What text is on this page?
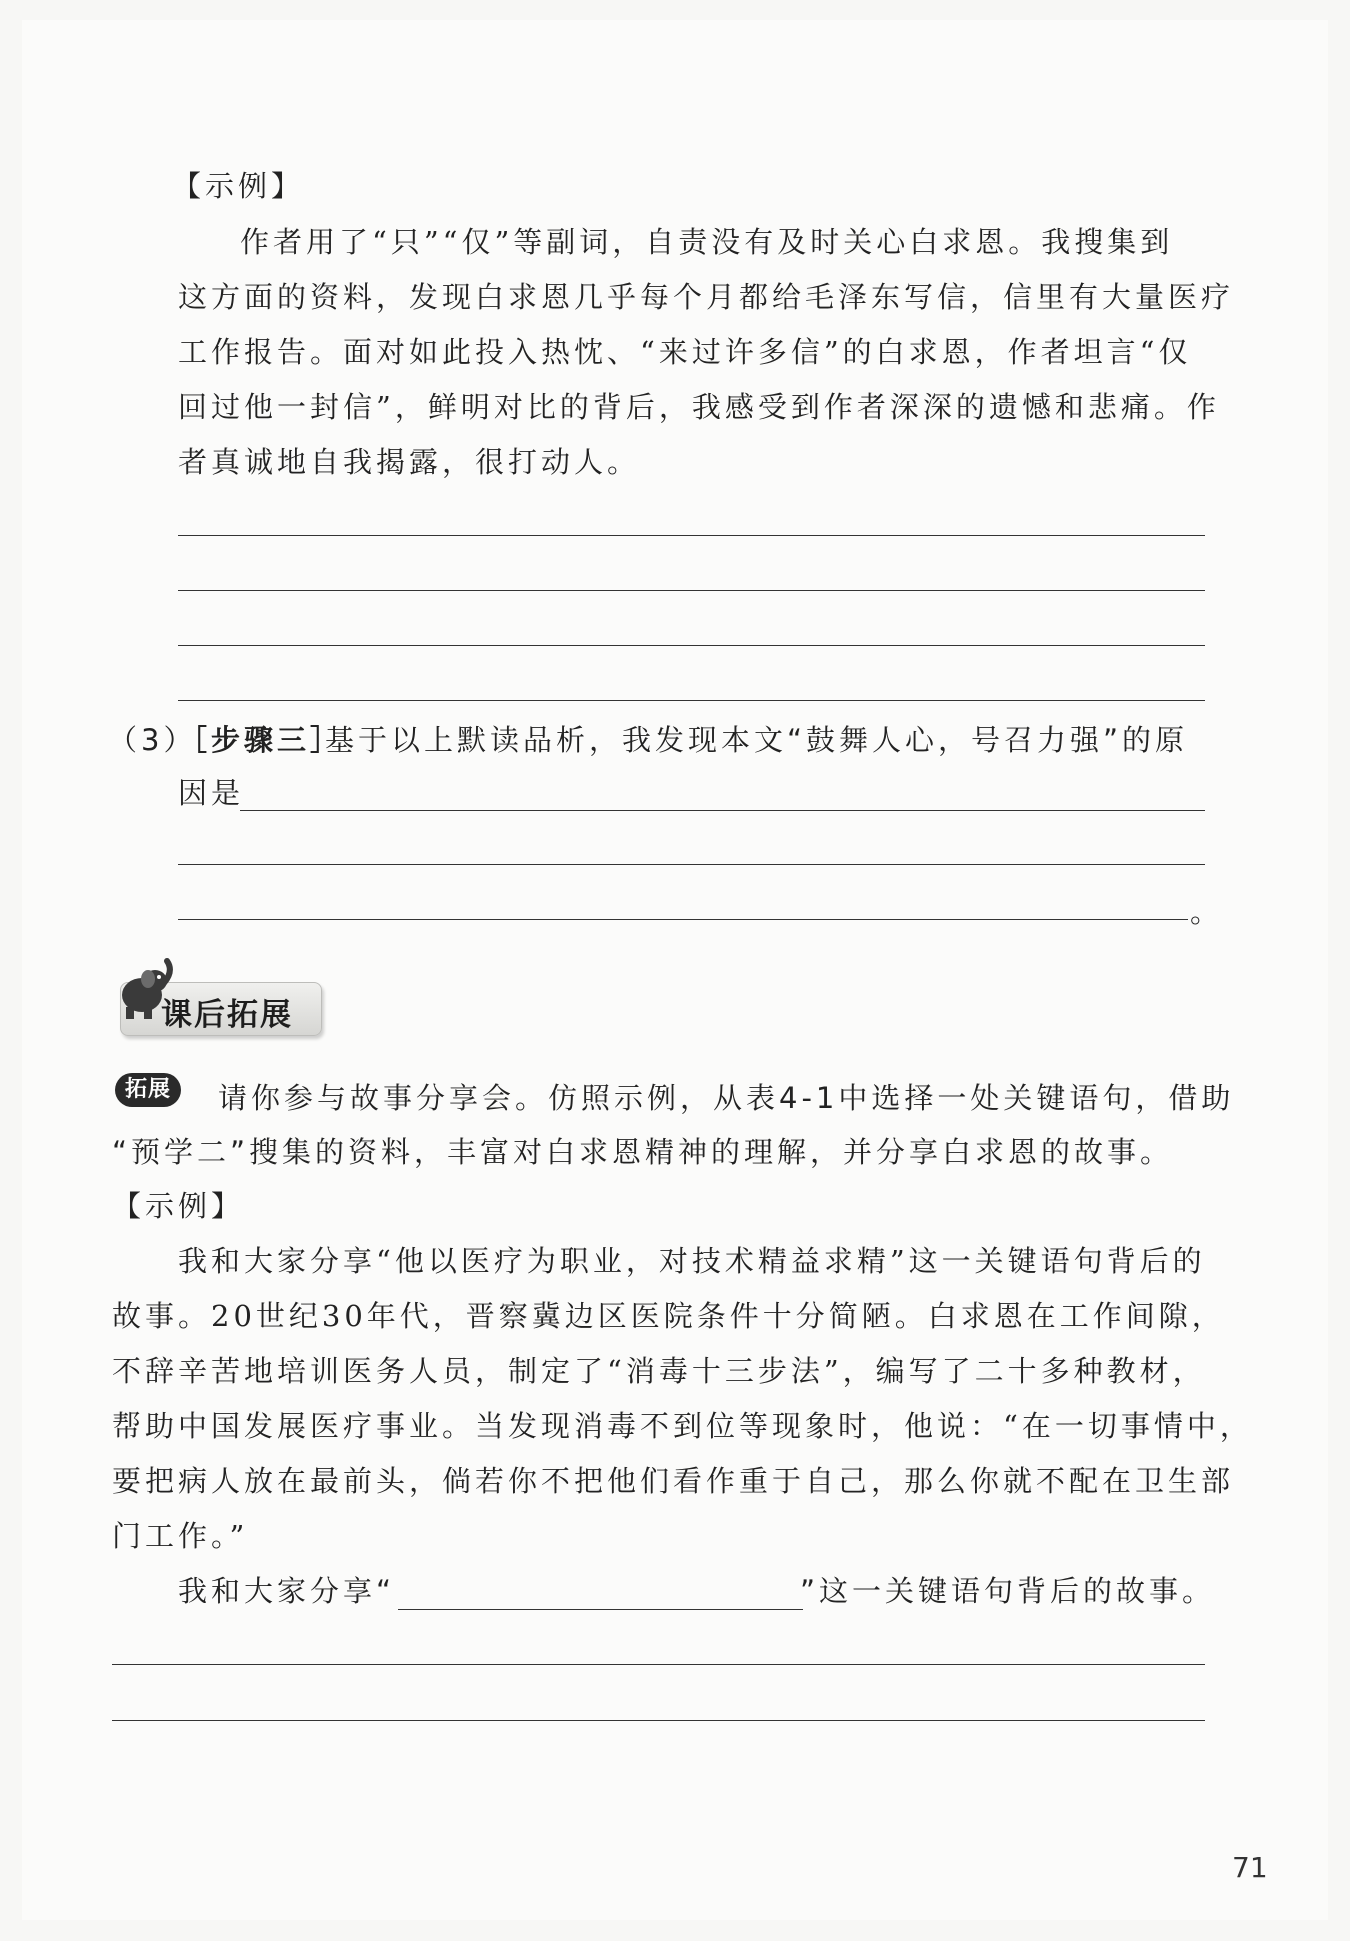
【示例】
作者用了“只”“仅”等副词，自责没有及时关心白求恩。我搜集到
这方面的资料，发现白求恩几乎每个月都给毛泽东写信，信里有大量医疗
工作报告。面对如此投入热忱、“来过许多信”的白求恩，作者坦言“仅
回过他一封信”，鲜明对比的背后，我感受到作者深深的遗憾和悲痛。作
者真诚地自我揭露，很打动人。
（3）
［步骤三］
基于以上默读品析，我发现本文“鼓舞人心，号召力强”的原
因是
。
课后拓展
拓展	请你参与故事分享会。仿照示例，从表4-1中选择一处关键语句，借助
“预学二”搜集的资料，丰富对白求恩精神的理解，并分享白求恩的故事。
【示例】
我和大家分享“他以医疗为职业，对技术精益求精”这一关键语句背后的
故事。20世纪30年代，晋察冀边区医院条件十分简陋。白求恩在工作间隙，
不辞辛苦地培训医务人员，制定了“消毒十三步法”，编写了二十多种教材，
帮助中国发展医疗事业。当发现消毒不到位等现象时，他说：“在一切事情中，
要把病人放在最前头，倘若你不把他们看作重于自己，那么你就不配在卫生部
门工作。”
我和大家分享“	”这一关键语句背后的故事。
71
